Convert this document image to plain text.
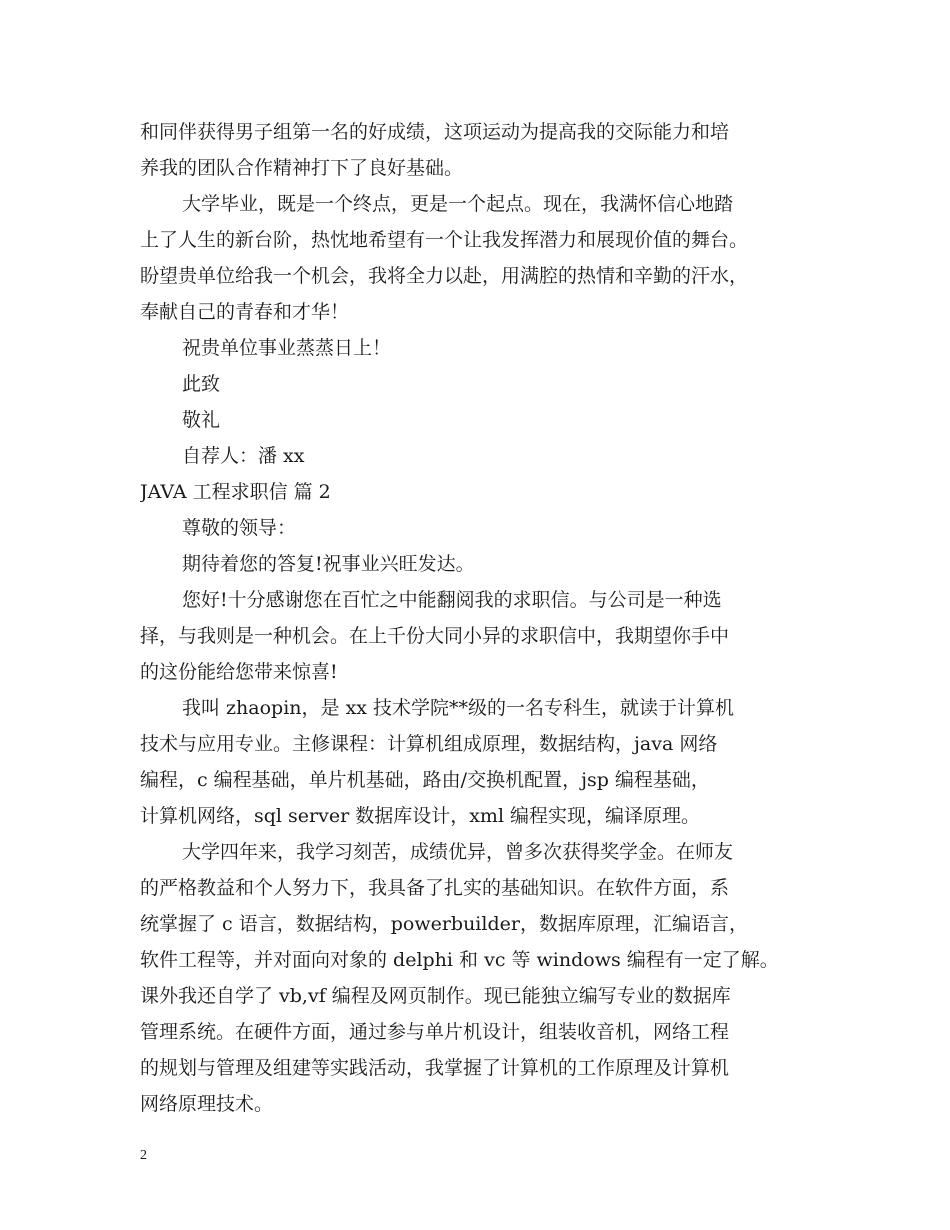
和同伴获得男子组第一名的好成绩，这项运动为提高我的交际能力和培
养我的团队合作精神打下了良好基础。
大学毕业，既是一个终点，更是一个起点。现在，我满怀信心地踏
上了人生的新台阶，热忱地希望有一个让我发挥潜力和展现价值的舞台。
盼望贵单位给我一个机会，我将全力以赴，用满腔的热情和辛勤的汗水，
奉献自己的青春和才华！
祝贵单位事业蒸蒸日上！
此致
敬礼
自荐人：潘 xx
JAVA 工程求职信 篇 2
尊敬的领导：
期待着您的答复!祝事业兴旺发达。
您好!十分感谢您在百忙之中能翻阅我的求职信。与公司是一种选
择，与我则是一种机会。在上千份大同小异的求职信中，我期望你手中
的这份能给您带来惊喜!
我叫 zhaopin，是 xx 技术学院**级的一名专科生，就读于计算机
技术与应用专业。主修课程：计算机组成原理，数据结构，java 网络
编程，c 编程基础，单片机基础，路由/交换机配置，jsp 编程基础，
计算机网络，sql server 数据库设计，xml 编程实现，编译原理。
大学四年来，我学习刻苦，成绩优异，曾多次获得奖学金。在师友
的严格教益和个人努力下，我具备了扎实的基础知识。在软件方面，系
统掌握了 c 语言，数据结构，powerbuilder，数据库原理，汇编语言，
软件工程等，并对面向对象的 delphi 和 vc 等 windows 编程有一定了解。
课外我还自学了 vb,vf 编程及网页制作。现已能独立编写专业的数据库
管理系统。在硬件方面，通过参与单片机设计，组装收音机，网络工程
的规划与管理及组建等实践活动，我掌握了计算机的工作原理及计算机
网络原理技术。
2
